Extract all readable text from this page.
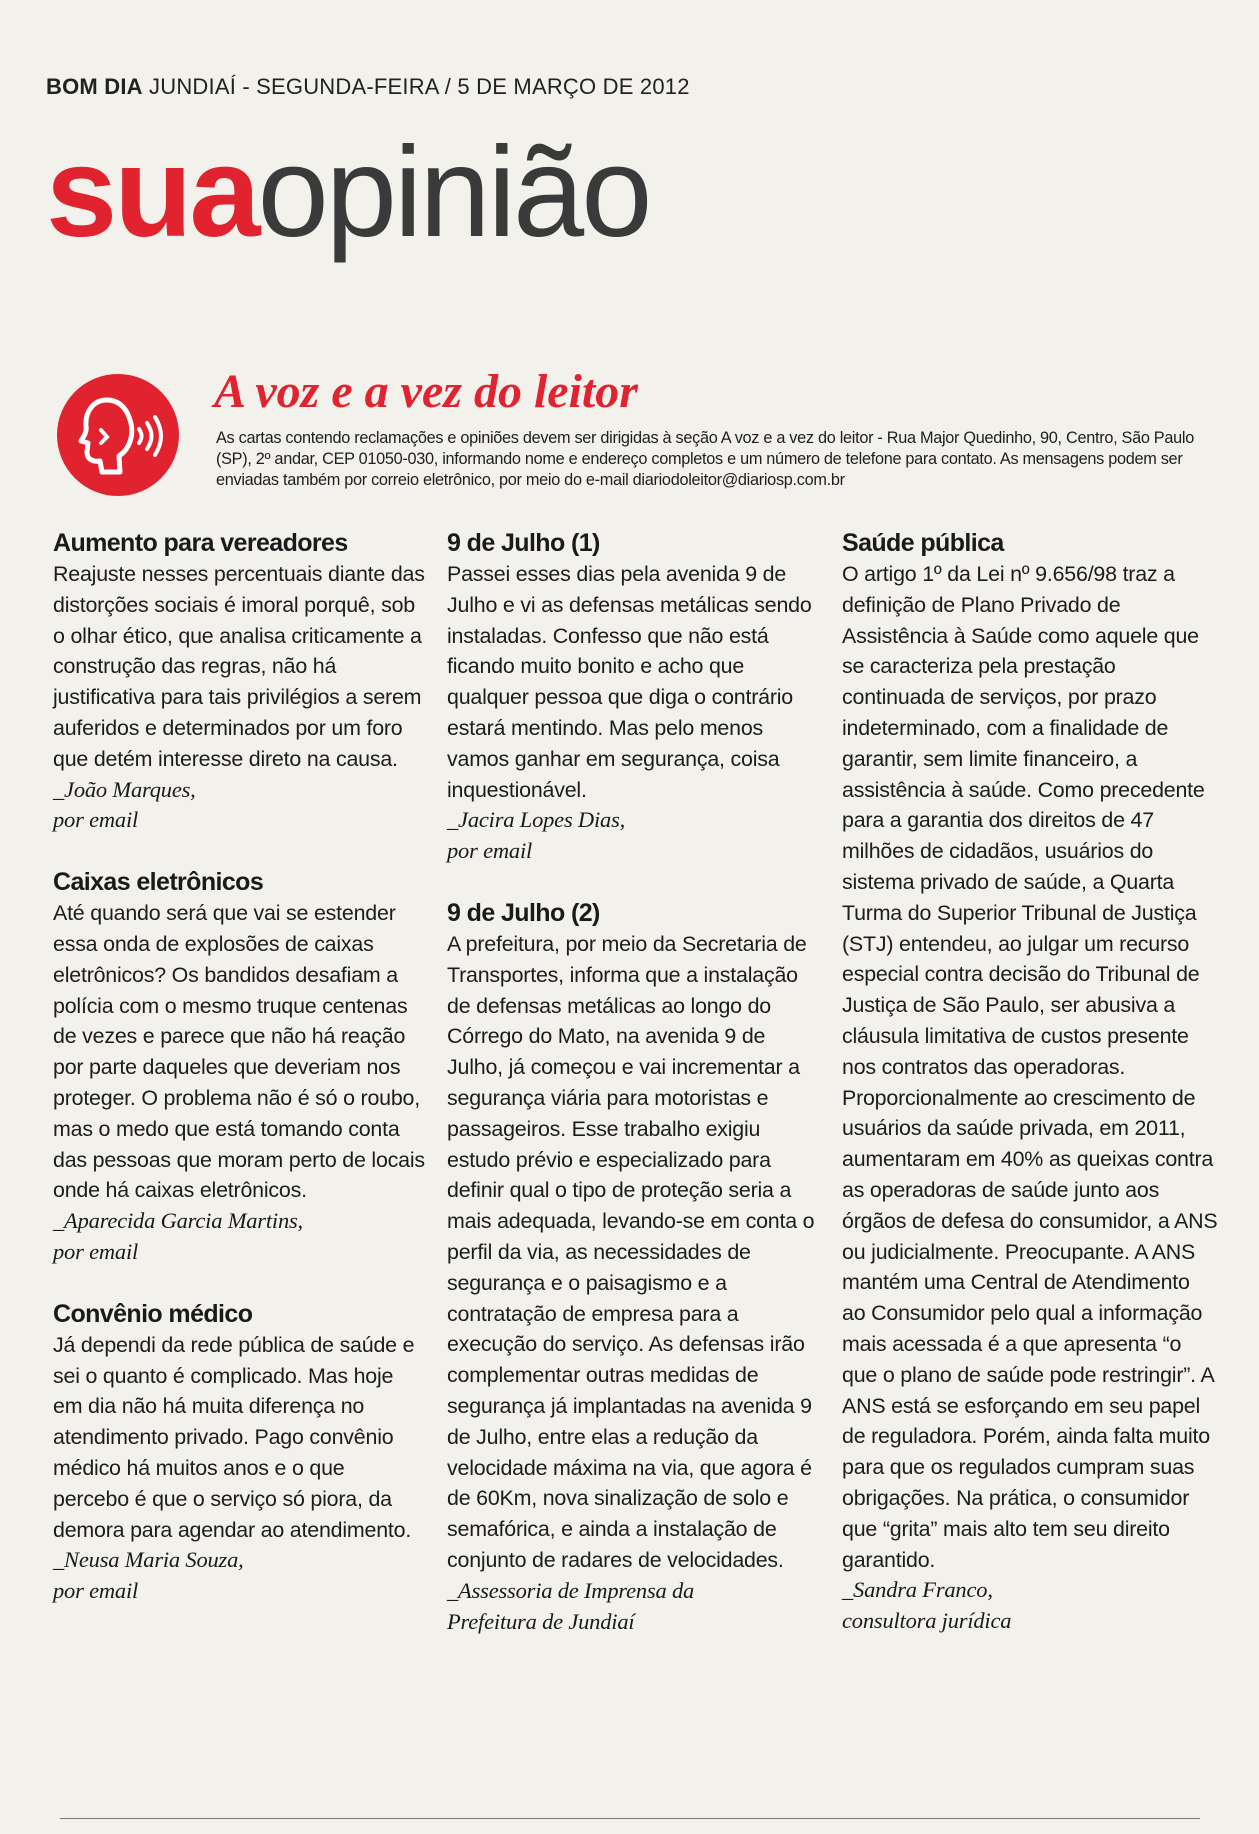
BOM DIA JUNDIAÍ - SEGUNDA-FEIRA / 5 DE MARÇO DE 2012
suaopinião
A voz e a vez do leitor
As cartas contendo reclamações e opiniões devem ser dirigidas à seção A voz e a vez do leitor - Rua Major Quedinho, 90, Centro, São Paulo (SP), 2º andar, CEP 01050-030, informando nome e endereço completos e um número de telefone para contato. As mensagens podem ser enviadas também por correio eletrônico, por meio do e-mail diariodoleitor@diariosp.com.br
Aumento para vereadores

Reajuste nesses percentuais diante das distorções sociais é imoral porquê, sob o olhar ético, que analisa criticamente a construção das regras, não há justificativa para tais privilégios a serem auferidos e determinados por um foro que detém interesse direto na causa.

_João Marques,
por email
Caixas eletrônicos

Até quando será que vai se estender essa onda de explosões de caixas eletrônicos? Os bandidos desafiam a polícia com o mesmo truque centenas de vezes e parece que não há reação por parte daqueles que deveriam nos proteger. O problema não é só o roubo, mas o medo que está tomando conta das pessoas que moram perto de locais onde há caixas eletrônicos.

_Aparecida Garcia Martins,
por email
Convênio médico

Já dependi da rede pública de saúde e sei o quanto é complicado. Mas hoje em dia não há muita diferença no atendimento privado. Pago convênio médico há muitos anos e o que percebo é que o serviço só piora, da demora para agendar ao atendimento.

_Neusa Maria Souza,
por email
9 de Julho (1)

Passei esses dias pela avenida 9 de Julho e vi as defensas metálicas sendo instaladas. Confesso que não está ficando muito bonito e acho que qualquer pessoa que diga o contrário estará mentindo. Mas pelo menos vamos ganhar em segurança, coisa inquestionável.

_Jacira Lopes Dias,
por email
9 de Julho (2)

A prefeitura, por meio da Secretaria de Transportes, informa que a instalação de defensas metálicas ao longo do Córrego do Mato, na avenida 9 de Julho, já começou e vai incrementar a segurança viária para motoristas e passageiros. Esse trabalho exigiu estudo prévio e especializado para definir qual o tipo de proteção seria a mais adequada, levando-se em conta o perfil da via, as necessidades de segurança e o paisagismo e a contratação de empresa para a execução do serviço. As defensas irão complementar outras medidas de segurança já implantadas na avenida 9 de Julho, entre elas a redução da velocidade máxima na via, que agora é de 60Km, nova sinalização de solo e semafórica, e ainda a instalação de conjunto de radares de velocidades.

_Assessoria de Imprensa da
Prefeitura de Jundiaí
Saúde pública

O artigo 1º da Lei nº 9.656/98 traz a definição de Plano Privado de Assistência à Saúde como aquele que se caracteriza pela prestação continuada de serviços, por prazo indeterminado, com a finalidade de garantir, sem limite financeiro, a assistência à saúde. Como precedente para a garantia dos direitos de 47 milhões de cidadãos, usuários do sistema privado de saúde, a Quarta Turma do Superior Tribunal de Justiça (STJ) entendeu, ao julgar um recurso especial contra decisão do Tribunal de Justiça de São Paulo, ser abusiva a cláusula limitativa de custos presente nos contratos das operadoras. Proporcionalmente ao crescimento de usuários da saúde privada, em 2011, aumentaram em 40% as queixas contra as operadoras de saúde junto aos órgãos de defesa do consumidor, a ANS ou judicialmente. Preocupante. A ANS mantém uma Central de Atendimento ao Consumidor pelo qual a informação mais acessada é a que apresenta “o que o plano de saúde pode restringir”. A ANS está se esforçando em seu papel de reguladora. Porém, ainda falta muito para que os regulados cumpram suas obrigações. Na prática, o consumidor que “grita” mais alto tem seu direito garantido.

_Sandra Franco,
consultora jurídica
